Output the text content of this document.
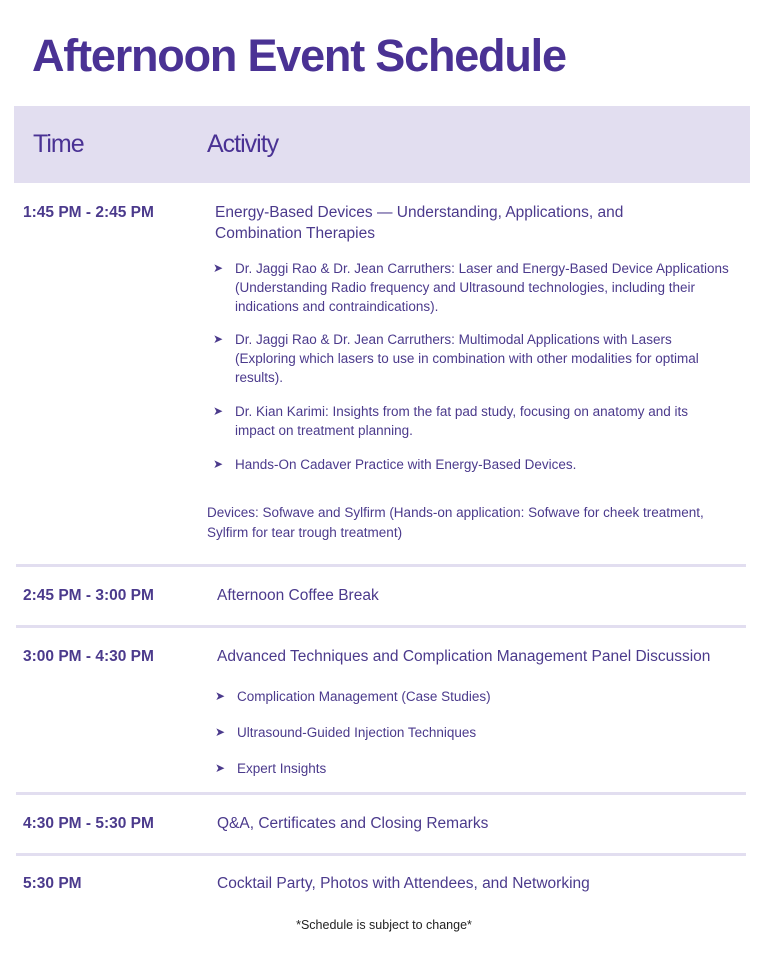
Afternoon Event Schedule
Time	Activity
1:45 PM - 2:45 PM	Energy-Based Devices — Understanding, Applications, and Combination Therapies
➤ Dr. Jaggi Rao & Dr. Jean Carruthers: Laser and Energy-Based Device Applications (Understanding Radio frequency and Ultrasound technologies, including their indications and contraindications).
➤ Dr. Jaggi Rao & Dr. Jean Carruthers: Multimodal Applications with Lasers (Exploring which lasers to use in combination with other modalities for optimal results).
➤ Dr. Kian Karimi: Insights from the fat pad study, focusing on anatomy and its impact on treatment planning.
➤ Hands-On Cadaver Practice with Energy-Based Devices.
Devices: Sofwave and Sylfirm (Hands-on application: Sofwave for cheek treatment, Sylfirm for tear trough treatment)
2:45 PM - 3:00 PM	Afternoon Coffee Break
3:00 PM - 4:30 PM	Advanced Techniques and Complication Management Panel Discussion
➤ Complication Management (Case Studies)
➤ Ultrasound-Guided Injection Techniques
➤ Expert Insights
4:30 PM - 5:30 PM	Q&A, Certificates and Closing Remarks
5:30 PM	Cocktail Party, Photos with Attendees, and Networking
*Schedule is subject to change*
